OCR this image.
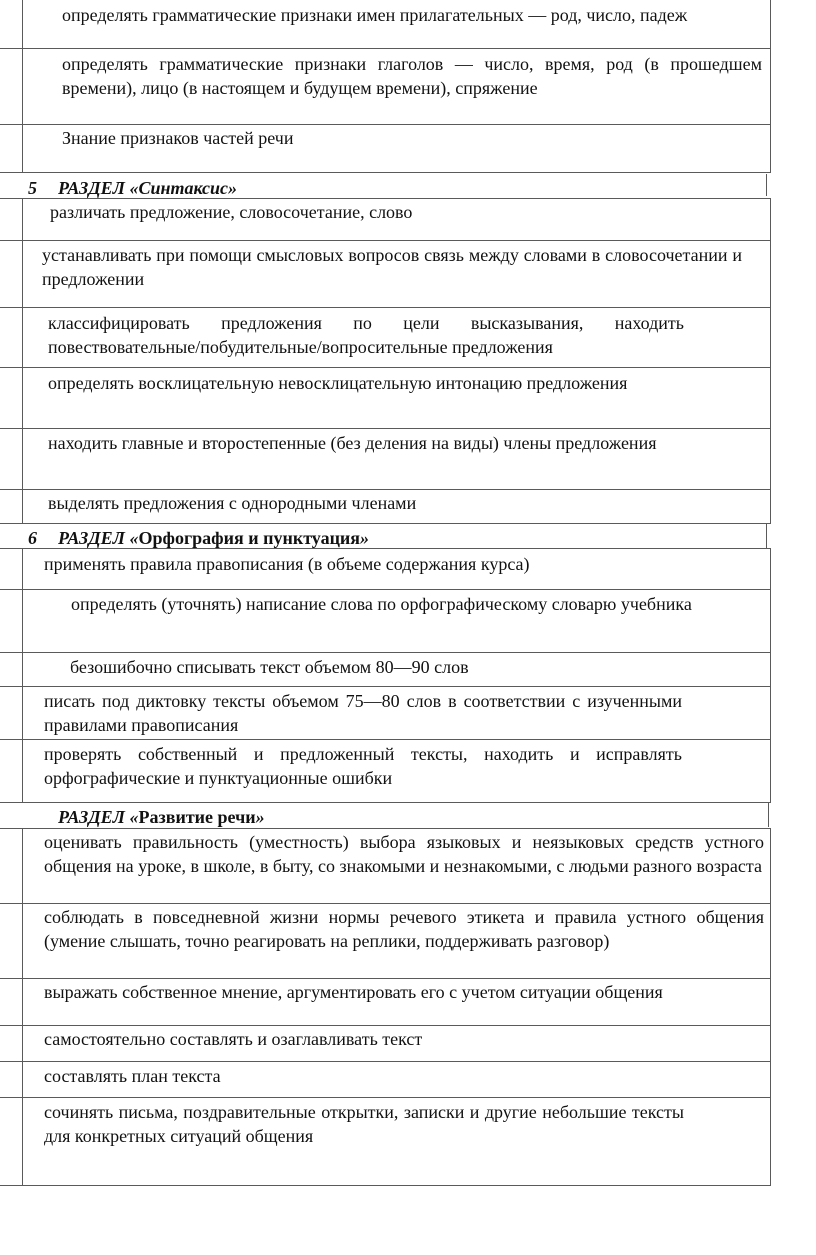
определять грамматические признаки имен прилагательных — род, число, падеж
определять грамматические признаки глаголов — число, время, род (в прошедшем времени), лицо (в настоящем и будущем времени), спряжение
Знание признаков частей речи
5 РАЗДЕЛ «Синтаксис»
различать предложение, словосочетание, слово
устанавливать при помощи смысловых вопросов связь между словами в словосочетании и предложении
классифицировать предложения по цели высказывания, находить повествовательные/побудительные/вопросительные предложения
определять восклицательную невосклицательную интонацию предложения
находить главные и второстепенные (без деления на виды) члены предложения
выделять предложения с однородными членами
6 РАЗДЕЛ «Орфография и пунктуация»
применять правила правописания (в объеме содержания курса)
определять (уточнять) написание слова по орфографическому словарю учебника
безошибочно списывать текст объемом 80—90 слов
писать под диктовку тексты объемом 75—80 слов в соответствии с изученными правилами правописания
проверять собственный и предложенный тексты, находить и исправлять орфографические и пунктуационные ошибки
РАЗДЕЛ «Развитие речи»
оценивать правильность (уместность) выбора языковых и неязыковых средств устного общения на уроке, в школе, в быту, со знакомыми и незнакомыми, с людьми разного возраста
соблюдать в повседневной жизни нормы речевого этикета и правила устного общения (умение слышать, точно реагировать на реплики, поддерживать разговор)
выражать собственное мнение, аргументировать его с учетом ситуации общения
самостоятельно составлять и озаглавливать текст
составлять план текста
сочинять письма, поздравительные открытки, записки и другие небольшие тексты для конкретных ситуаций общения
